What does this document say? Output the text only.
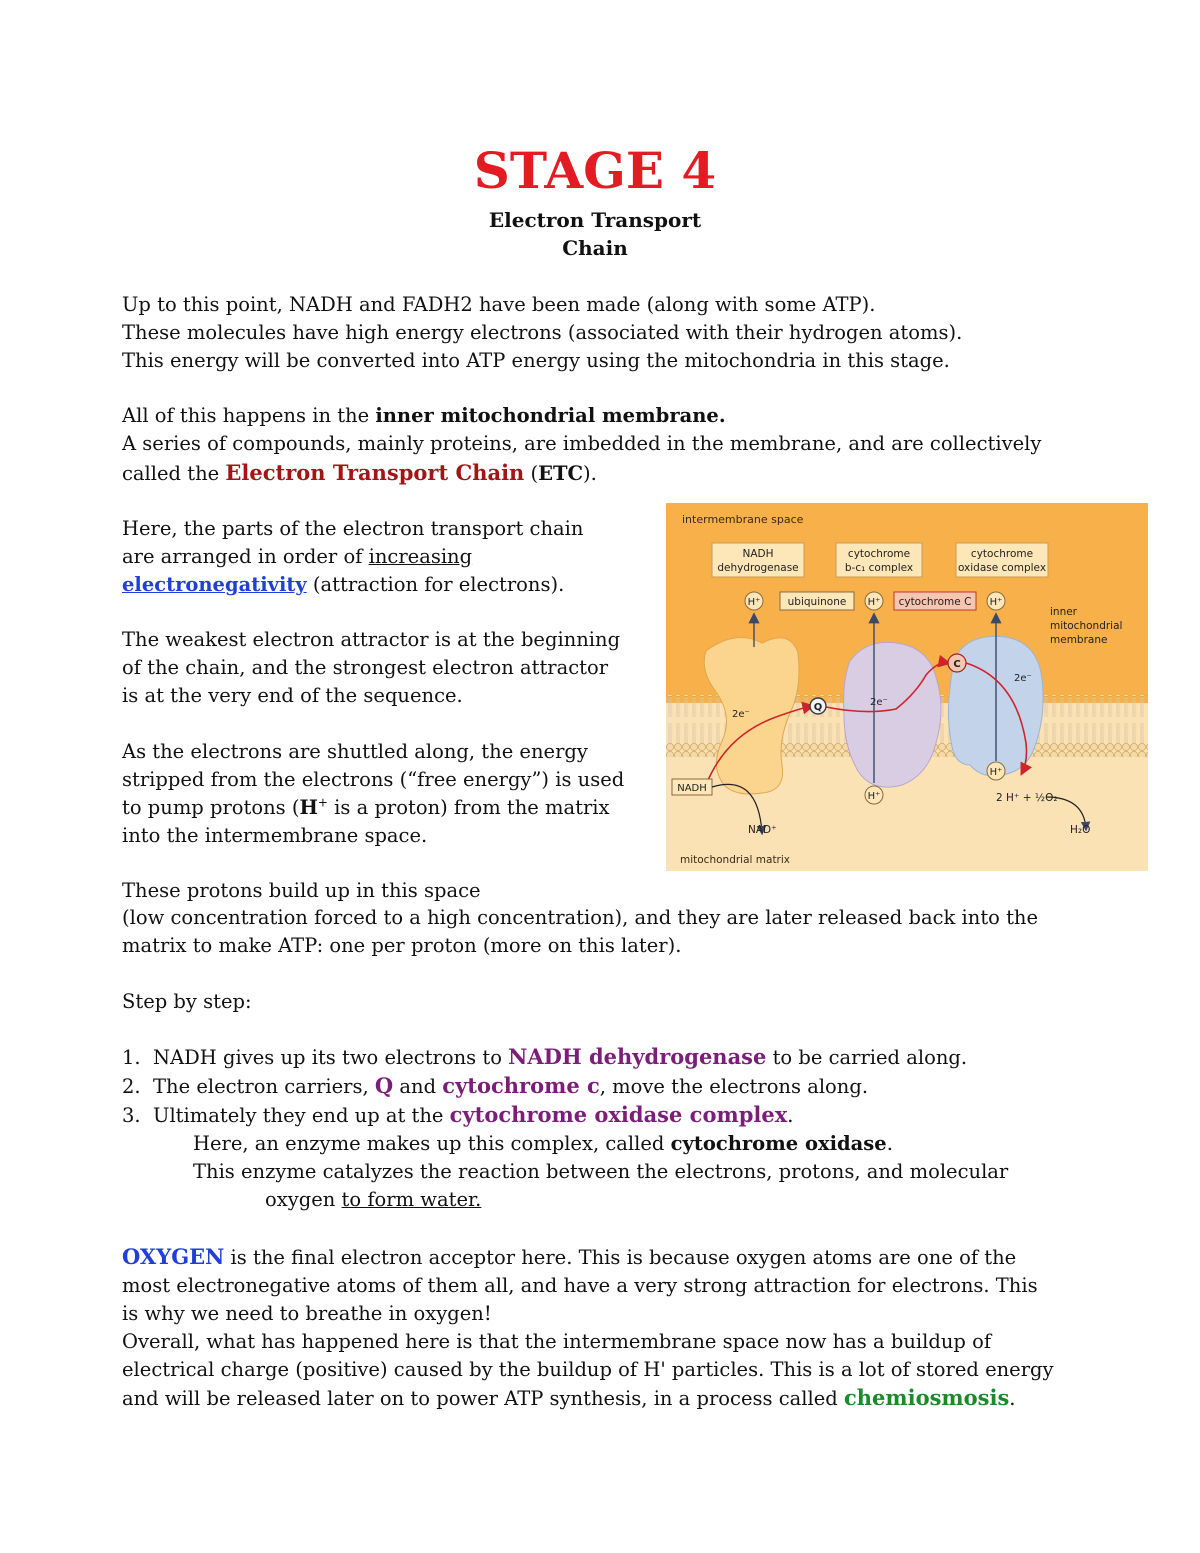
STAGE 4
Electron Transport
Chain

Up to this point, NADH and FADH2 have been made (along with some ATP).

These molecules have high energy electrons (associated with their hydrogen atoms).

This energy will be converted into ATP energy using the mitochondria in this stage.

All of this happens in the inner mitochondrial membrane.

A series of compounds, mainly proteins, are imbedded in the membrane, and are collectively

called the Electron Transport Chain (ETC).

Here, the parts of the electron transport chain

are arranged in order of increasing

electronegativity (attraction for electrons).

The weakest electron attractor is at the beginning

of the chain, and the strongest electron attractor

is at the very end of the sequence.

As the electrons are shuttled along, the energy

stripped from the electrons (“free energy”) is used

to pump protons (H+ is a proton) from the matrix

into the intermembrane space.

These protons build up in this space

(low concentration forced to a high concentration), and they are later released back into the

matrix to make ATP: one per proton (more on this later).

Step by step:

1. NADH gives up its two electrons to NADH dehydrogenase to be carried along.

2. The electron carriers, Q and cytochrome c, move the electrons along.

3. Ultimately they end up at the cytochrome oxidase complex.

Here, an enzyme makes up this complex, called cytochrome oxidase.

This enzyme catalyzes the reaction between the electrons, protons, and molecular

oxygen to form water.

OXYGEN is the final electron acceptor here. This is because oxygen atoms are one of the

most electronegative atoms of them all, and have a very strong attraction for electrons. This

is why we need to breathe in oxygen!

Overall, what has happened here is that the intermembrane space now has a buildup of

electrical charge (positive) caused by the buildup of H' particles. This is a lot of stored energy

and will be released later on to power ATP synthesis, in a process called chemiosmosis.

intermembrane space
NADH
dehydrogenase
cytochrome
b-c₁ complex
cytochrome
oxidase complex
H⁺	ubiquinone H⁺ cytochrome C H⁺
inner
mitochondrial
membrane
Q
C
2e⁻
2e⁻
2e⁻
H⁺
H⁺
NADH
NAD⁺
2 H⁺ + ½O₂
H₂O
mitochondrial matrix
